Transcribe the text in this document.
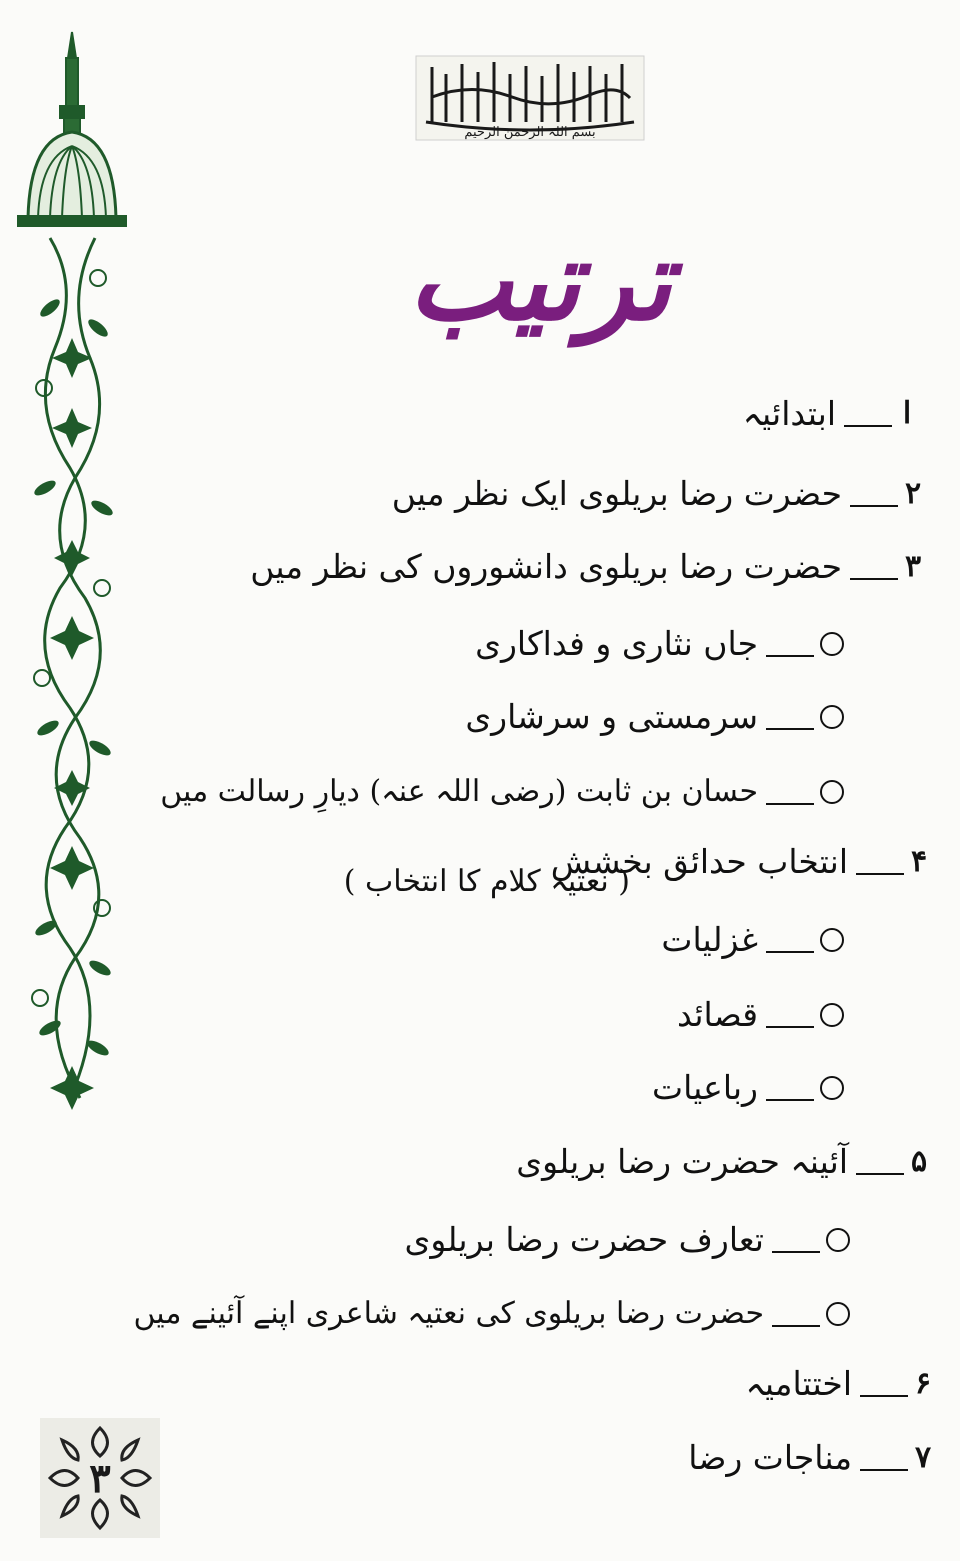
بسم اللہ الرحمن الرحیم
ترتیب
ا
ابتدائیہ
۲
حضرت رضا بریلوی ایک نظر میں
۳
حضرت رضا بریلوی دانشوروں کی نظر میں
جاں نثاری و فداکاری
سرمستی و سرشاری
حسان بن ثابت (رضی اللہ عنہ) دیارِ رسالت میں
۴
انتخاب حدائق بخشش
( نعتیہ کلام کا انتخاب )
غزلیات
قصائد
رباعیات
۵
آئینہ حضرت رضا بریلوی
تعارف حضرت رضا بریلوی
حضرت رضا بریلوی کی نعتیہ شاعری اپنے آئینے میں
۶
اختتامیہ
۷
مناجات رضا
۳
